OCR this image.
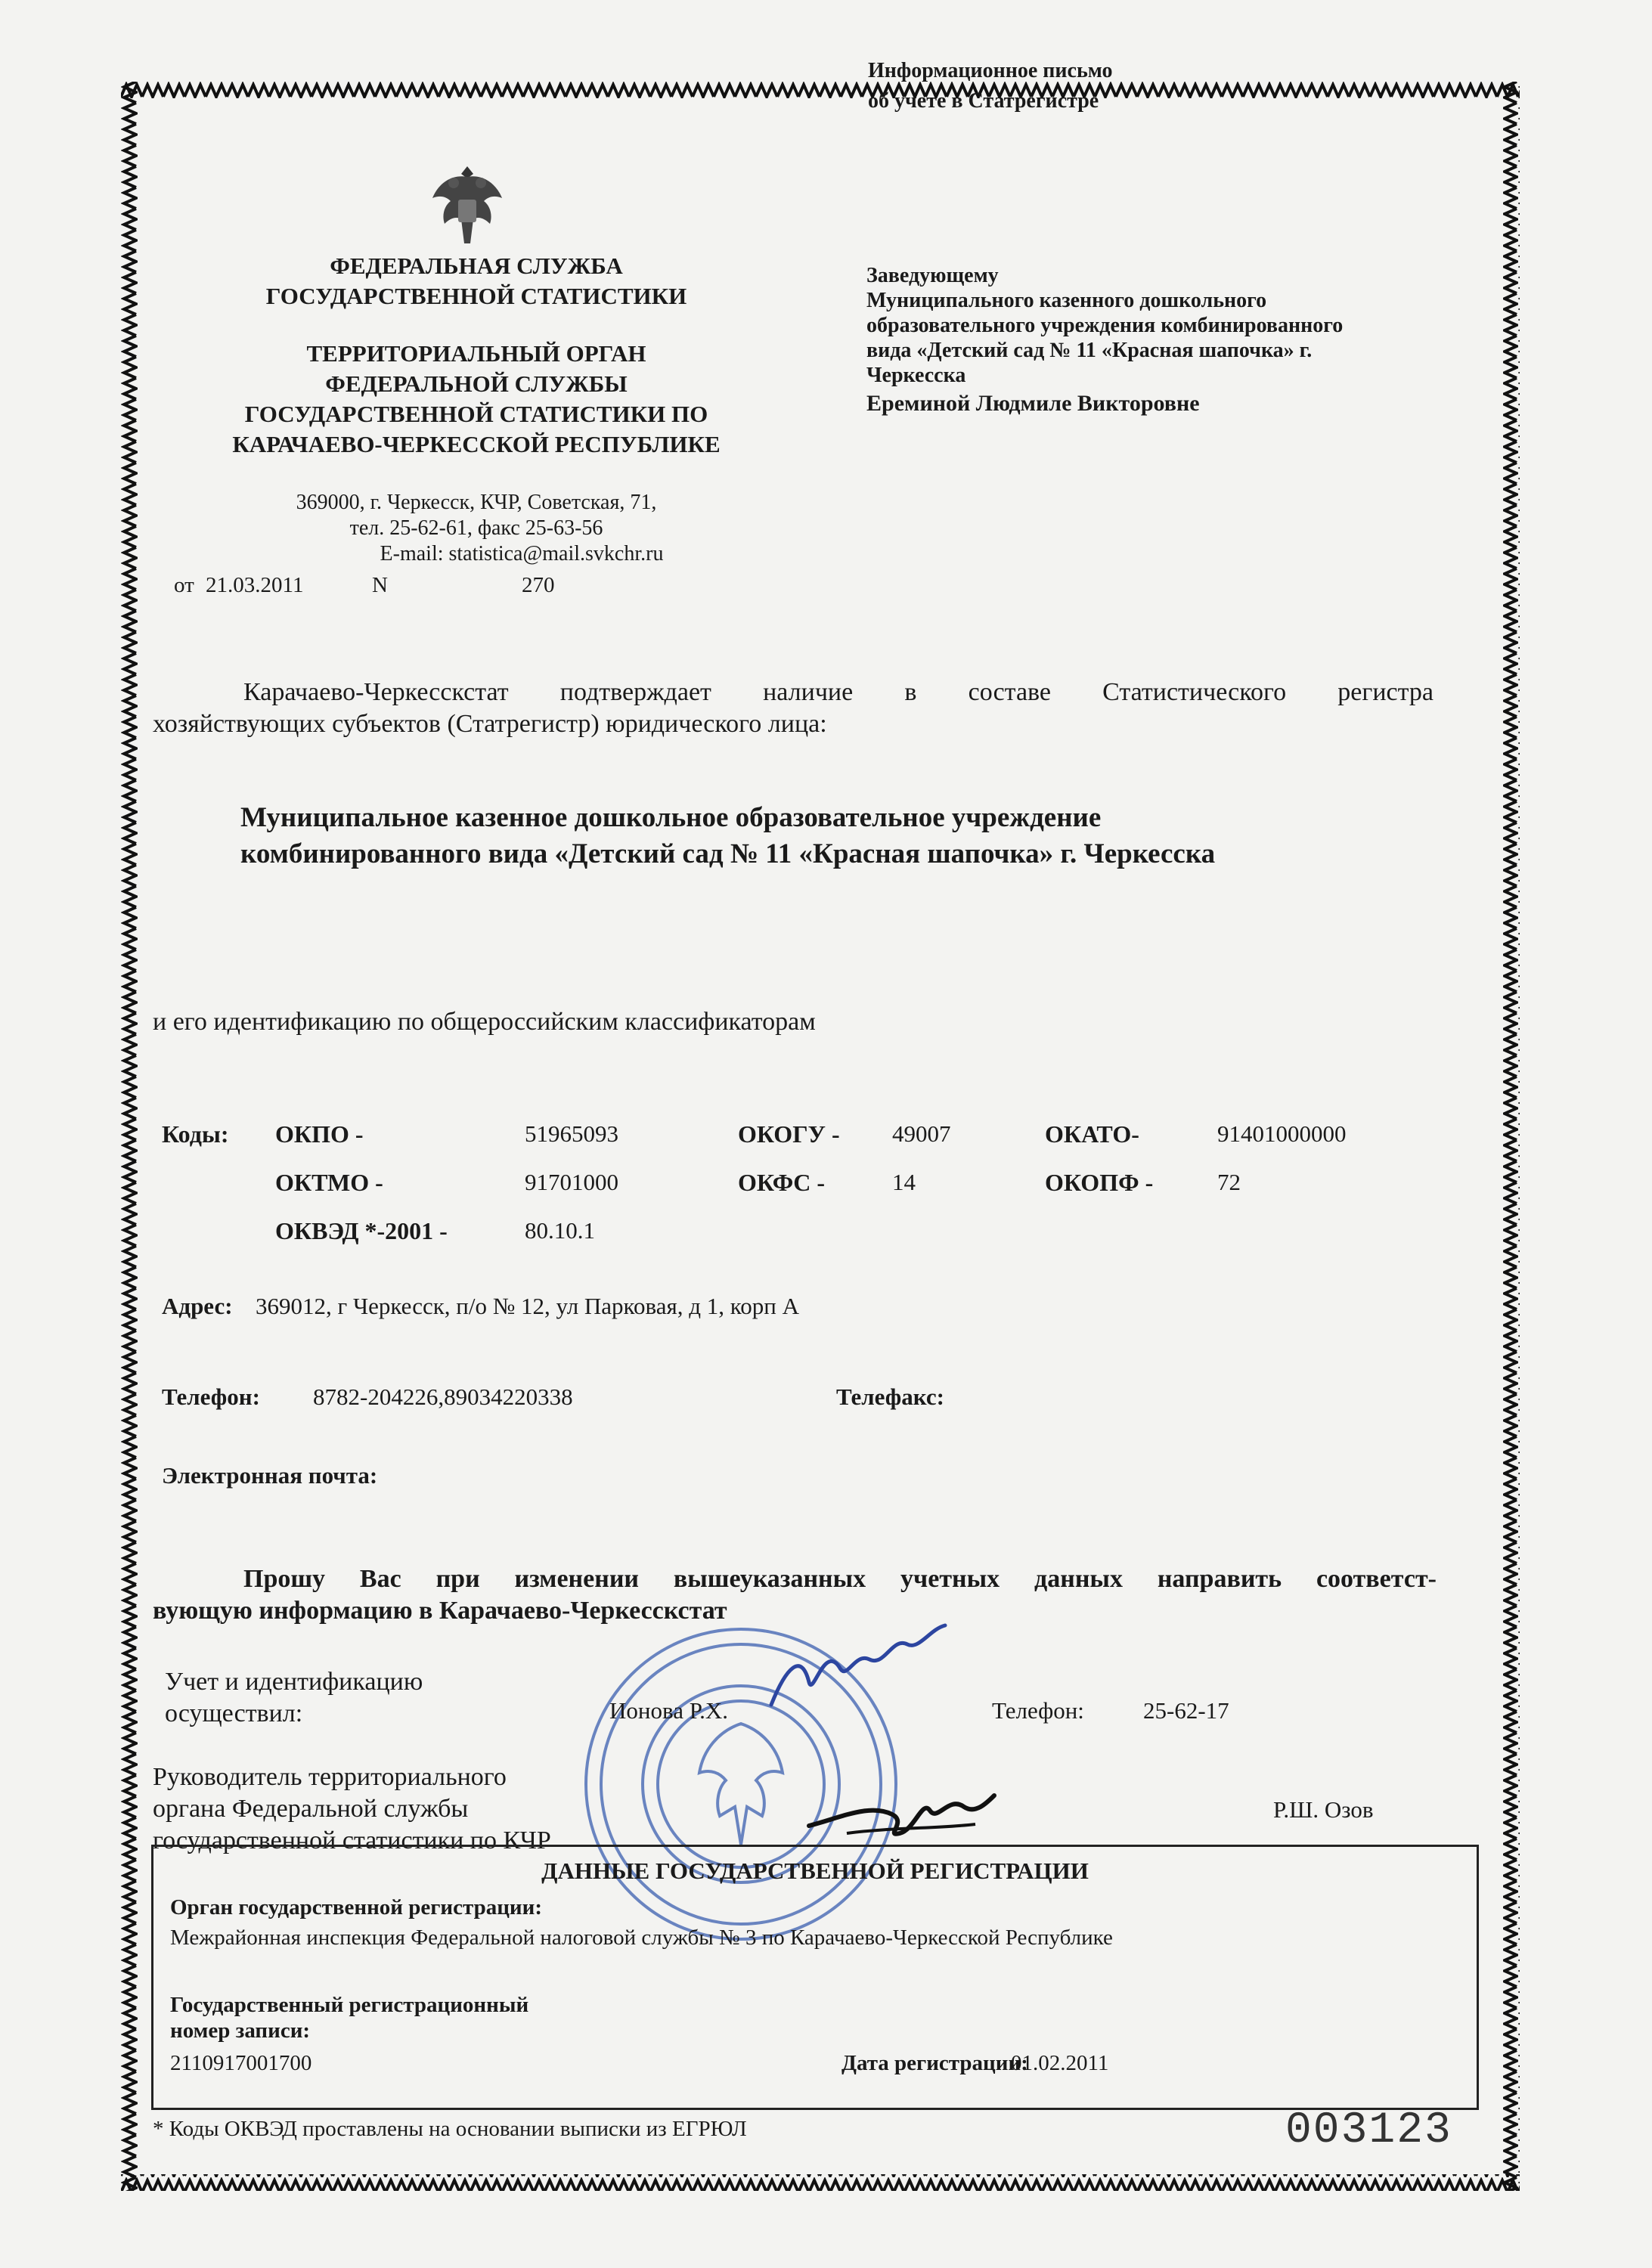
Информационное письмо
об учете в Статрегистре
ФЕДЕРАЛЬНАЯ СЛУЖБА
ГОСУДАРСТВЕННОЙ СТАТИСТИКИ
ТЕРРИТОРИАЛЬНЫЙ ОРГАН
ФЕДЕРАЛЬНОЙ СЛУЖБЫ
ГОСУДАРСТВЕННОЙ СТАТИСТИКИ ПО
КАРАЧАЕВО-ЧЕРКЕССКОЙ РЕСПУБЛИКЕ
369000, г. Черкесск, КЧР, Советская, 71,
тел. 25-62-61, факс 25-63-56
E-mail: statistica@mail.svkchr.ru
от 21.03.2011	N	270
Заведующему
Муниципального казенного дошкольного
образовательного учреждения комбинированного
вида «Детский сад № 11 «Красная шапочка» г.
Черкесска
Ереминой Людмиле Викторовне
Карачаево-Черкесскстат подтверждает наличие в составе Статистического регистра
хозяйствующих субъектов (Статрегистр) юридического лица:
Муниципальное казенное дошкольное образовательное учреждение
комбинированного вида «Детский сад № 11 «Красная шапочка» г. Черкесска
и его идентификацию по общероссийским классификаторам
Коды: ОКПО -	51965093	ОКОГУ - 49007	ОКАТО-	91401000000
ОКТМО -	91701000	ОКФС -	14	ОКОПФ -	72
ОКВЭД *-2001 -	80.10.1
Адрес: 369012, г Черкесск, п/о № 12, ул Парковая, д 1, корп А
Телефон: 8782-204226,89034220338	Телефакс:
Электронная почта:
Прошу Вас при изменении вышеуказанных учетных данных направить соответст-
вующую информацию в Карачаево-Черкесскстат
Учет и идентификацию
осуществил:	Ионова Р.Х.	Телефон:	25-62-17
Руководитель территориального
органа Федеральной службы
государственной статистики по КЧР
Р.Ш. Озов
ДАННЫЕ ГОСУДАРСТВЕННОЙ РЕГИСТРАЦИИ
Орган государственной регистрации:
Межрайонная инспекция Федеральной налоговой службы № 3 по Карачаево-Черкесской Республике
Государственный регистрационный
номер записи:
2110917001700	Дата регистрации:
01.02.2011
* Коды ОКВЭД проставлены на основании выписки из ЕГРЮЛ	003123
